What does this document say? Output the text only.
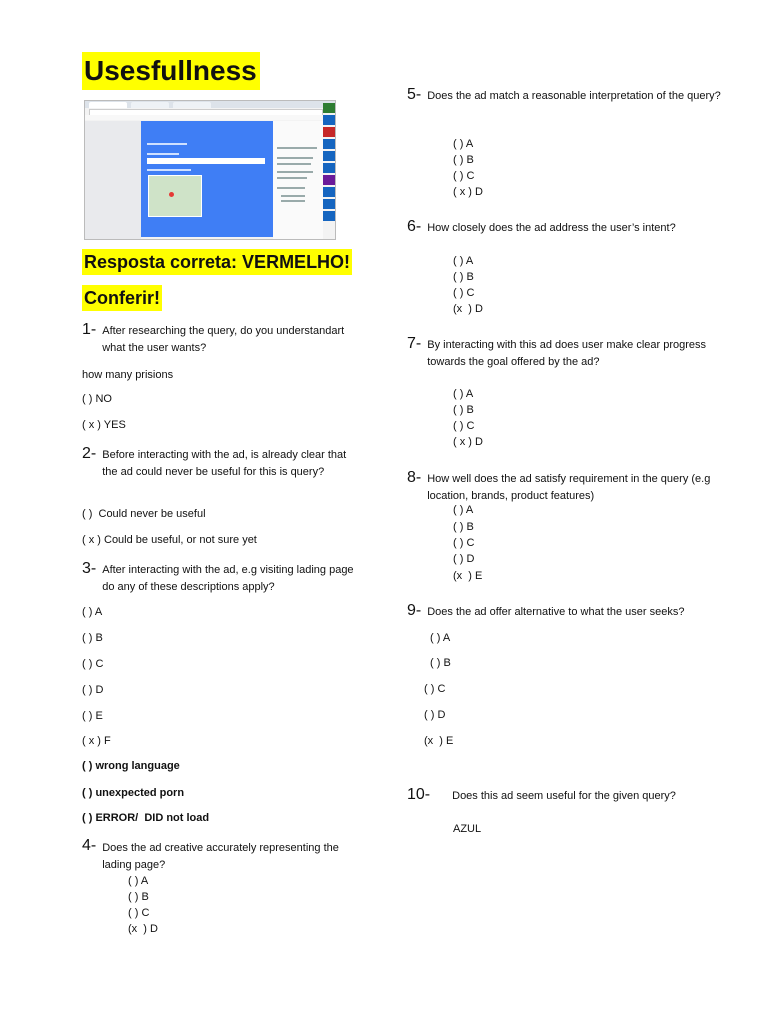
Usesfullness
Resposta correta: VERMELHO!
Conferir!
1- After researching the query, do you understandart what the user wants?
how many prisions
( ) NO
( x ) YES
2- Before interacting with the ad, is already clear that the ad could never be useful for this is query?
( )  Could never be useful
( x ) Could be useful, or not sure yet
3- After interacting with the ad, e.g visiting lading page do any of these descriptions apply?
( ) A
( ) B
( ) C
( ) D
( ) E
( x ) F
( ) wrong language
( ) unexpected porn
( ) ERROR/  DID not load
4- Does the ad creative accurately representing the lading page?
( ) A
( ) B
( ) C
(x  ) D
5- Does the ad match a reasonable interpretation of the query?
( ) A
( ) B
( ) C
( x ) D
6- How closely does the ad address the user’s intent?
( ) A
( ) B
( ) C
(x  ) D
7- By interacting with this ad does user make clear progress towards the goal offered by the ad?
( ) A
( ) B
( ) C
( x ) D
8- How well does the ad satisfy requirement in the query (e.g location, brands, product features)
( ) A
( ) B
( ) C
( ) D
(x  ) E
9- Does the ad offer alternative to what the user seeks?
( ) A
( ) B
( ) C
( ) D
(x  ) E
10- Does this ad seem useful for the given query?
AZUL
